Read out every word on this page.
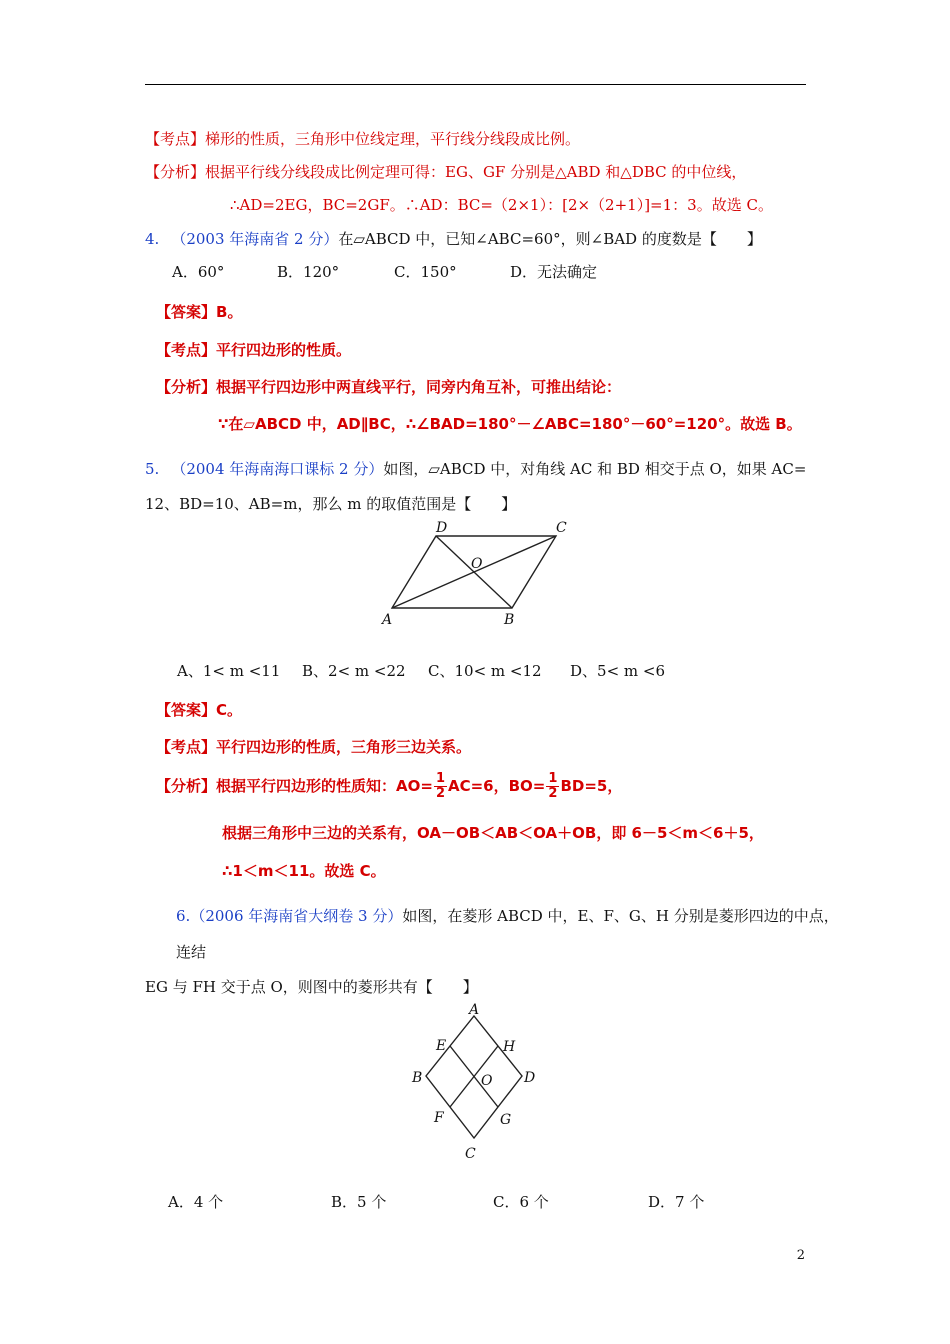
【考点】梯形的性质，三角形中位线定理，平行线分线段成比例。
【分析】根据平行线分线段成比例定理可得：EG、GF 分别是△ABD 和△DBC 的中位线，
∴AD=2EG，BC=2GF。∴AD：BC=（2×1）：[2×（2+1）]=1：3。故选 C。
4. （2003 年海南省 2 分）在▱ABCD 中，已知∠ABC=60°，则∠BAD 的度数是【　　】
A．60°	B．120°	C．150°	D．无法确定
【答案】B。
【考点】平行四边形的性质。
【分析】根据平行四边形中两直线平行，同旁内角互补，可推出结论：
∵在▱ABCD 中，AD∥BC，∴∠BAD=180°－∠ABC=180°－60°=120°。故选 B。
5. （2004 年海南海口课标 2 分）如图，▱ABCD 中，对角线 AC 和 BD 相交于点 O，如果 AC=
12、BD=10、AB=m，那么 m 的取值范围是【　　】
A	B
C
D
O
A、1< m <11 B、2< m <22 C、10< m <12 D、5< m <6
【答案】C。
【考点】平行四边形的性质，三角形三边关系。
【分析】根据平行四边形的性质知：$AO= \frac{1}{2} AC=6$，$BO= \frac{1}{2} BD=5$，
根据三角形中三边的关系有，OA－OB＜AB＜OA＋OB，即 6－5＜m＜6＋5，
∴1＜m＜11。故选 C。
6.（2006 年海南省大纲卷 3 分）如图，在菱形 ABCD 中，E、F、G、H 分别是菱形四边的中点，
连结
EG 与 FH 交于点 O，则图中的菱形共有【　　】
A
B
C
D
E
F	G
H
O
A．4 个	B．5 个	C．6 个	D．7 个
2
